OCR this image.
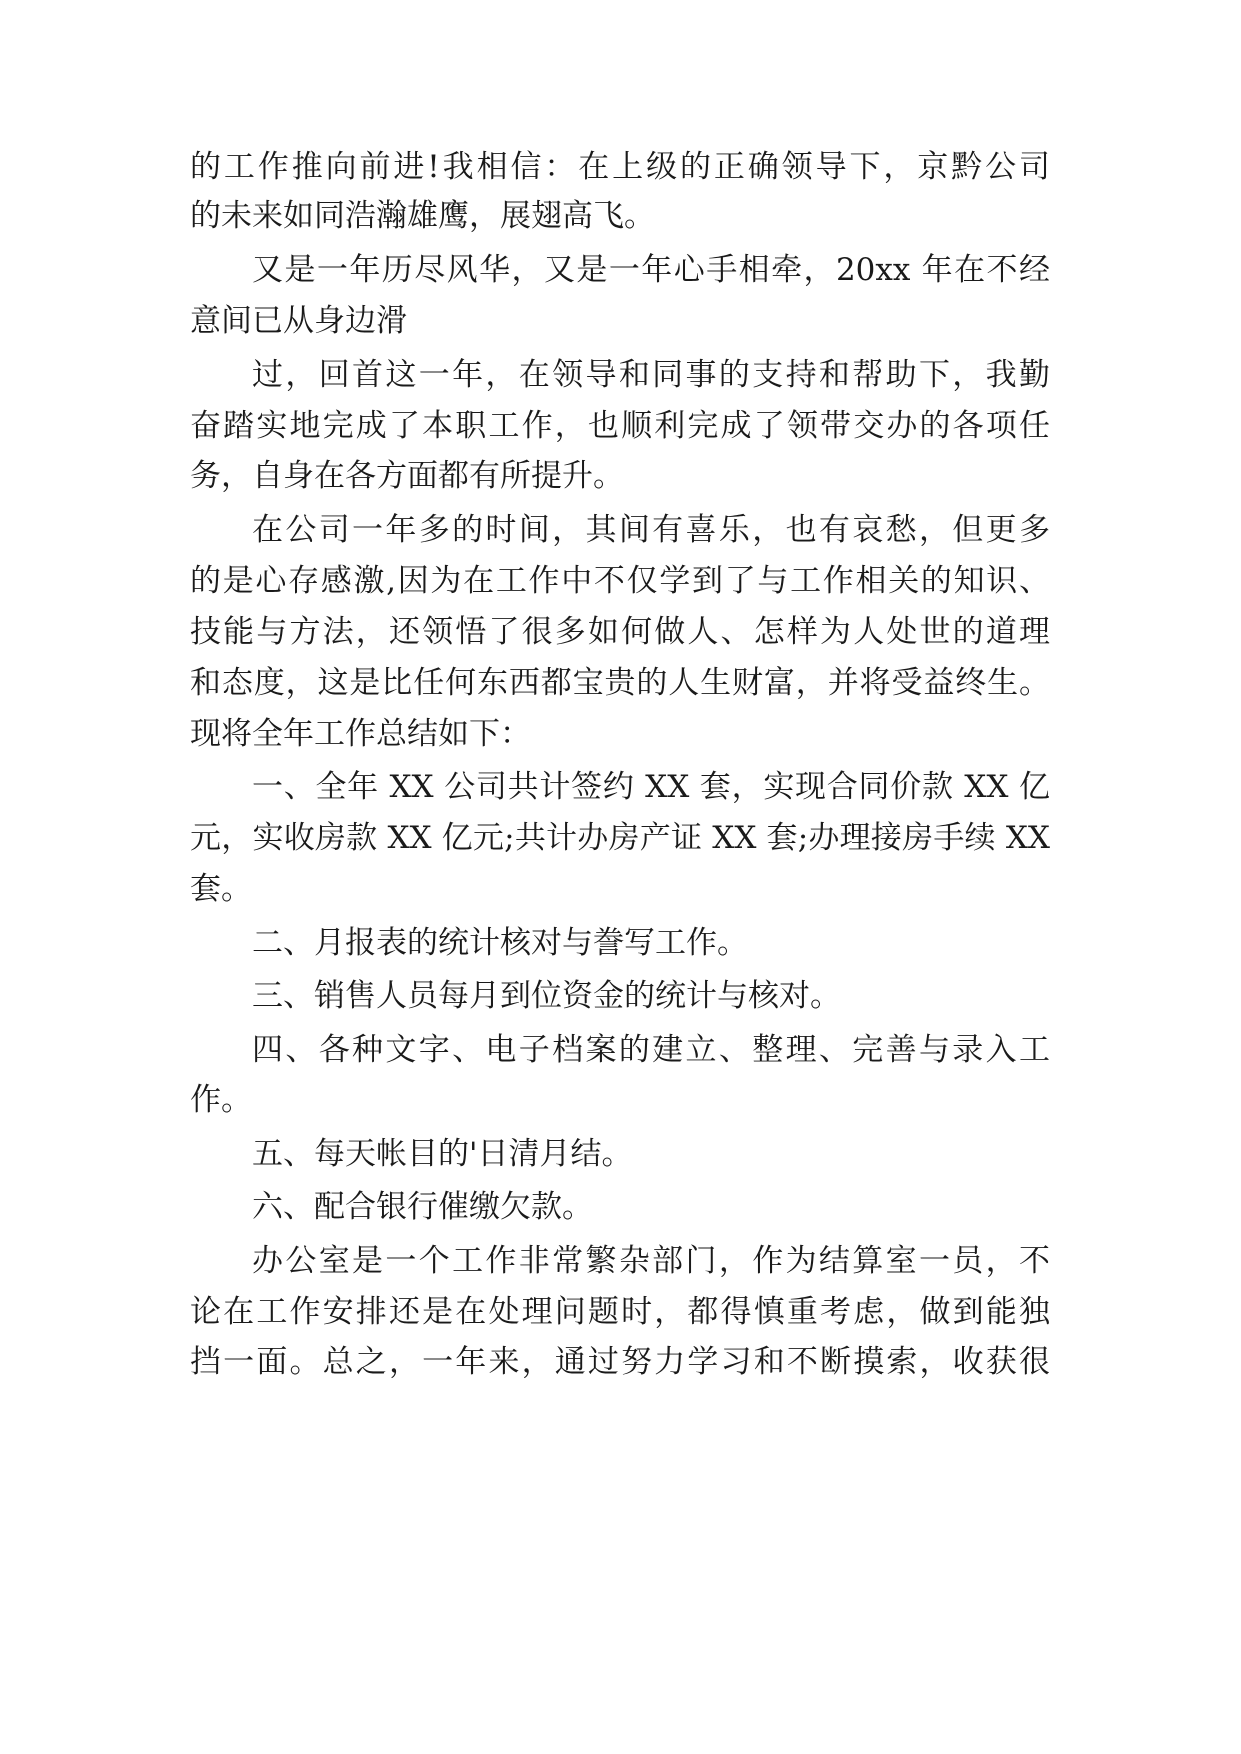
的工作推向前进!我相信：在上级的正确领导下，京黔公司
的未来如同浩瀚雄鹰，展翅高飞。
又是一年历尽风华，又是一年心手相牵，20xx 年在不经
意间已从身边滑
过，回首这一年，在领导和同事的支持和帮助下，我勤
奋踏实地完成了本职工作，也顺利完成了领带交办的各项任
务，自身在各方面都有所提升。
在公司一年多的时间，其间有喜乐，也有哀愁，但更多
的是心存感激,因为在工作中不仅学到了与工作相关的知识、
技能与方法，还领悟了很多如何做人、怎样为人处世的道理
和态度，这是比任何东西都宝贵的人生财富，并将受益终生。
现将全年工作总结如下：
一、全年 XX 公司共计签约 XX 套，实现合同价款 XX 亿
元，实收房款 XX 亿元;共计办房产证 XX 套;办理接房手续 XX
套。
二、月报表的统计核对与誊写工作。
三、销售人员每月到位资金的统计与核对。
四、各种文字、电子档案的建立、整理、完善与录入工
作。
五、每天帐目的'日清月结。
六、配合银行催缴欠款。
办公室是一个工作非常繁杂部门，作为结算室一员，不
论在工作安排还是在处理问题时，都得慎重考虑，做到能独
挡一面。总之，一年来，通过努力学习和不断摸索，收获很
